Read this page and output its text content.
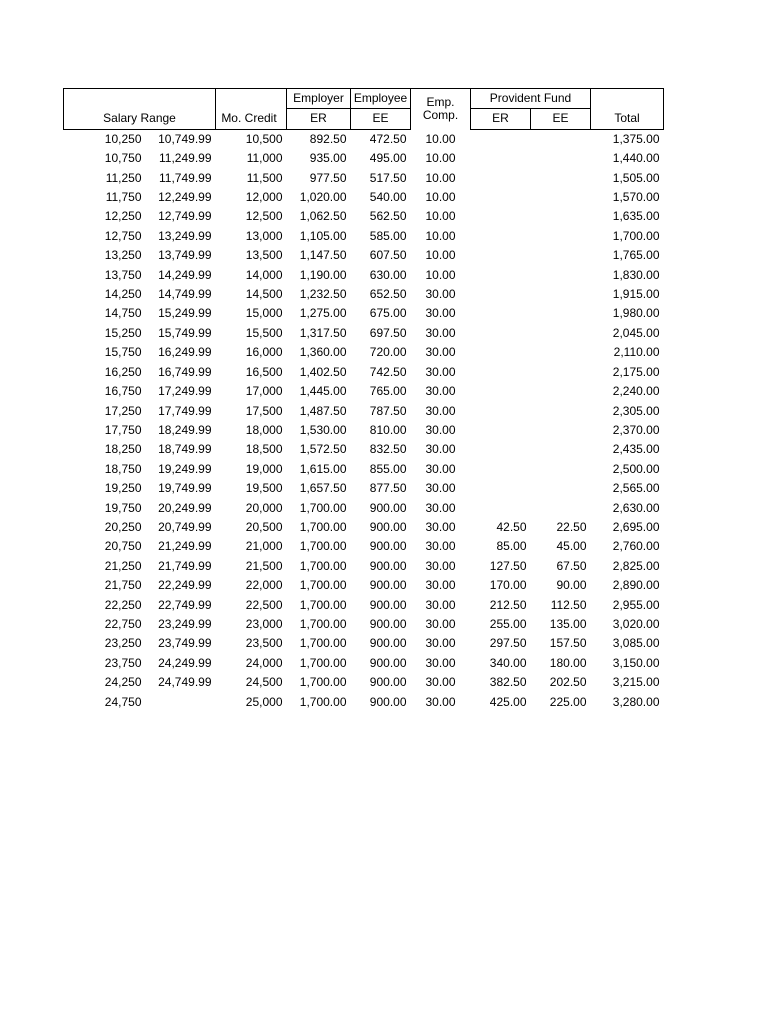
			Employer	Employee	Emp.
Comp.	Provident Fund		
Salary Range		Mo. Credit	ER	EE		ER	EE	Total
10,250	10,749.99	10,500	892.50	472.50	10.00			1,375.00
10,750	11,249.99	11,000	935.00	495.00	10.00			1,440.00
11,250	11,749.99	11,500	977.50	517.50	10.00			1,505.00
11,750	12,249.99	12,000	1,020.00	540.00	10.00			1,570.00
12,250	12,749.99	12,500	1,062.50	562.50	10.00			1,635.00
12,750	13,249.99	13,000	1,105.00	585.00	10.00			1,700.00
13,250	13,749.99	13,500	1,147.50	607.50	10.00			1,765.00
13,750	14,249.99	14,000	1,190.00	630.00	10.00			1,830.00
14,250	14,749.99	14,500	1,232.50	652.50	30.00			1,915.00
14,750	15,249.99	15,000	1,275.00	675.00	30.00			1,980.00
15,250	15,749.99	15,500	1,317.50	697.50	30.00			2,045.00
15,750	16,249.99	16,000	1,360.00	720.00	30.00			2,110.00
16,250	16,749.99	16,500	1,402.50	742.50	30.00			2,175.00
16,750	17,249.99	17,000	1,445.00	765.00	30.00			2,240.00
17,250	17,749.99	17,500	1,487.50	787.50	30.00			2,305.00
17,750	18,249.99	18,000	1,530.00	810.00	30.00			2,370.00
18,250	18,749.99	18,500	1,572.50	832.50	30.00			2,435.00
18,750	19,249.99	19,000	1,615.00	855.00	30.00			2,500.00
19,250	19,749.99	19,500	1,657.50	877.50	30.00			2,565.00
19,750	20,249.99	20,000	1,700.00	900.00	30.00			2,630.00
20,250	20,749.99	20,500	1,700.00	900.00	30.00	42.50	22.50	2,695.00
20,750	21,249.99	21,000	1,700.00	900.00	30.00	85.00	45.00	2,760.00
21,250	21,749.99	21,500	1,700.00	900.00	30.00	127.50	67.50	2,825.00
21,750	22,249.99	22,000	1,700.00	900.00	30.00	170.00	90.00	2,890.00
22,250	22,749.99	22,500	1,700.00	900.00	30.00	212.50	112.50	2,955.00
22,750	23,249.99	23,000	1,700.00	900.00	30.00	255.00	135.00	3,020.00
23,250	23,749.99	23,500	1,700.00	900.00	30.00	297.50	157.50	3,085.00
23,750	24,249.99	24,000	1,700.00	900.00	30.00	340.00	180.00	3,150.00
24,250	24,749.99	24,500	1,700.00	900.00	30.00	382.50	202.50	3,215.00
24,750		25,000	1,700.00	900.00	30.00	425.00	225.00	3,280.00
